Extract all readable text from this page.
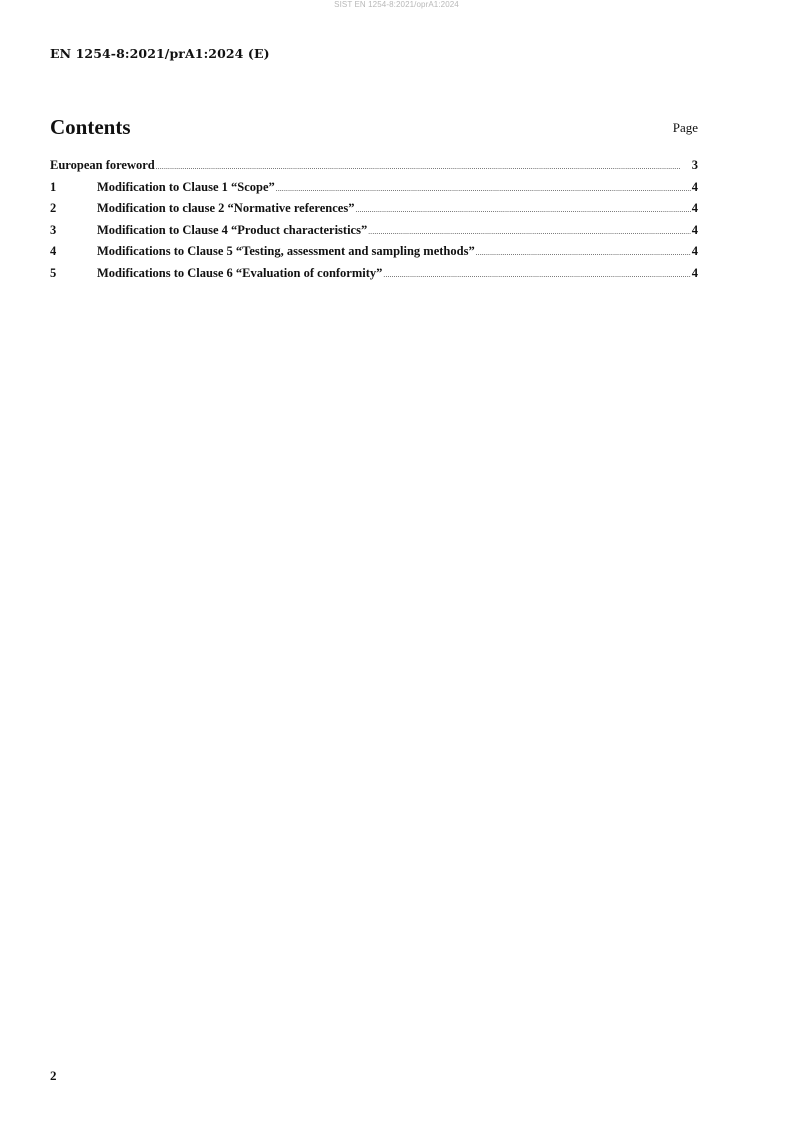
SIST EN 1254-8:2021/oprA1:2024
EN 1254-8:2021/prA1:2024 (E)
Contents	Page
European foreword .....	3
1	Modification to Clause 1 “Scope” .....	4
2	Modification to clause 2 “Normative references” .....	4
3	Modification to Clause 4 “Product characteristics” .....	4
4	Modifications to Clause 5 “Testing, assessment and sampling methods” .....	4
5	Modifications to Clause 6 “Evaluation of conformity” .....	4
2
